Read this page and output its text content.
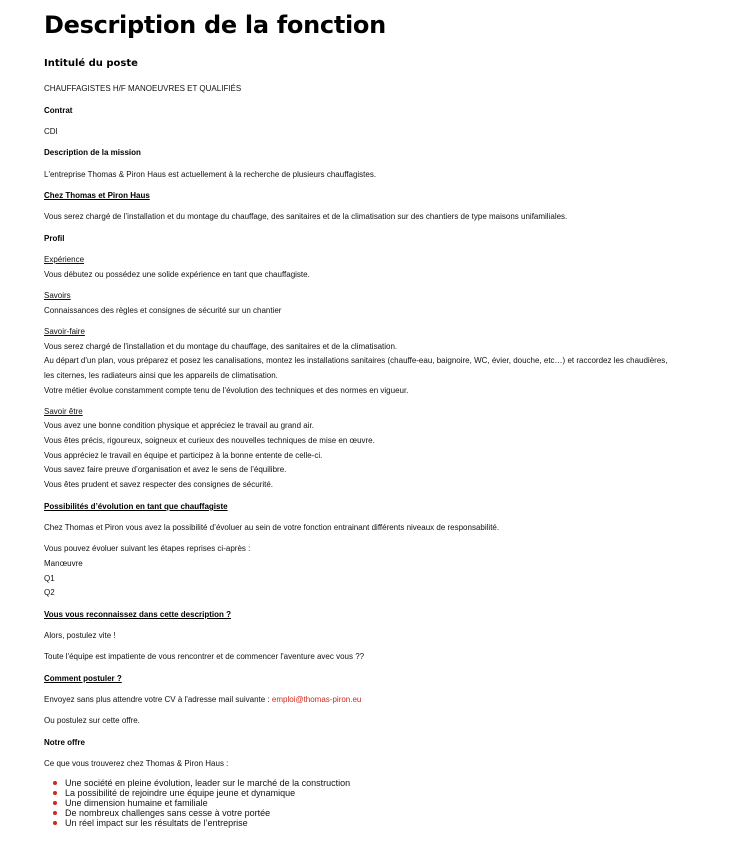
Description de la fonction
Intitulé du poste
CHAUFFAGISTES H/F MANOEUVRES ET QUALIFIÉS
Contrat
CDI
Description de la mission
L'entreprise Thomas & Piron Haus est actuellement à la recherche de plusieurs chauffagistes.
Chez Thomas et Piron Haus
Vous serez chargé de l’installation et du montage du chauffage, des sanitaires et de la climatisation sur des chantiers de type maisons unifamiliales.
Profil
Expérience
Vous débutez ou possédez une solide expérience en tant que chauffagiste.
Savoirs
Connaissances des règles et consignes de sécurité sur un chantier
Savoir-faire
Vous serez chargé de l'installation et du montage du chauffage, des sanitaires et de la climatisation.
Au départ d'un plan, vous préparez et posez les canalisations, montez les installations sanitaires (chauffe-eau, baignoire, WC, évier, douche, etc…) et raccordez les chaudières,
les citernes, les radiateurs ainsi que les appareils de climatisation.
Votre métier évolue constamment compte tenu de l'évolution des techniques et des normes en vigueur.
Savoir être
Vous avez une bonne condition physique et appréciez le travail au grand air.
Vous êtes précis, rigoureux, soigneux et curieux des nouvelles techniques de mise en œuvre.
Vous appréciez le travail en équipe et participez à la bonne entente de celle-ci.
Vous savez faire preuve d’organisation et avez le sens de l’équilibre.
Vous êtes prudent et savez respecter des consignes de sécurité.
Possibilités d’évolution en tant que chauffagiste
Chez Thomas et Piron vous avez la possibilité d’évoluer au sein de votre fonction entrainant différents niveaux de responsabilité.
Vous pouvez évoluer suivant les étapes reprises ci-après :
Manœuvre
Q1
Q2
Vous vous reconnaissez dans cette description ?
Alors, postulez vite !
Toute l'équipe est impatiente de vous rencontrer et de commencer l'aventure avec vous ??
Comment postuler ?
Envoyez sans plus attendre votre CV à l'adresse mail suivante : emploi@thomas-piron.eu
Ou postulez sur cette offre.
Notre offre
Ce que vous trouverez chez Thomas & Piron Haus :
Une société en pleine évolution, leader sur le marché de la construction
La possibilité de rejoindre une équipe jeune et dynamique
Une dimension humaine et familiale
De nombreux challenges sans cesse à votre portée
Un réel impact sur les résultats de l’entreprise
